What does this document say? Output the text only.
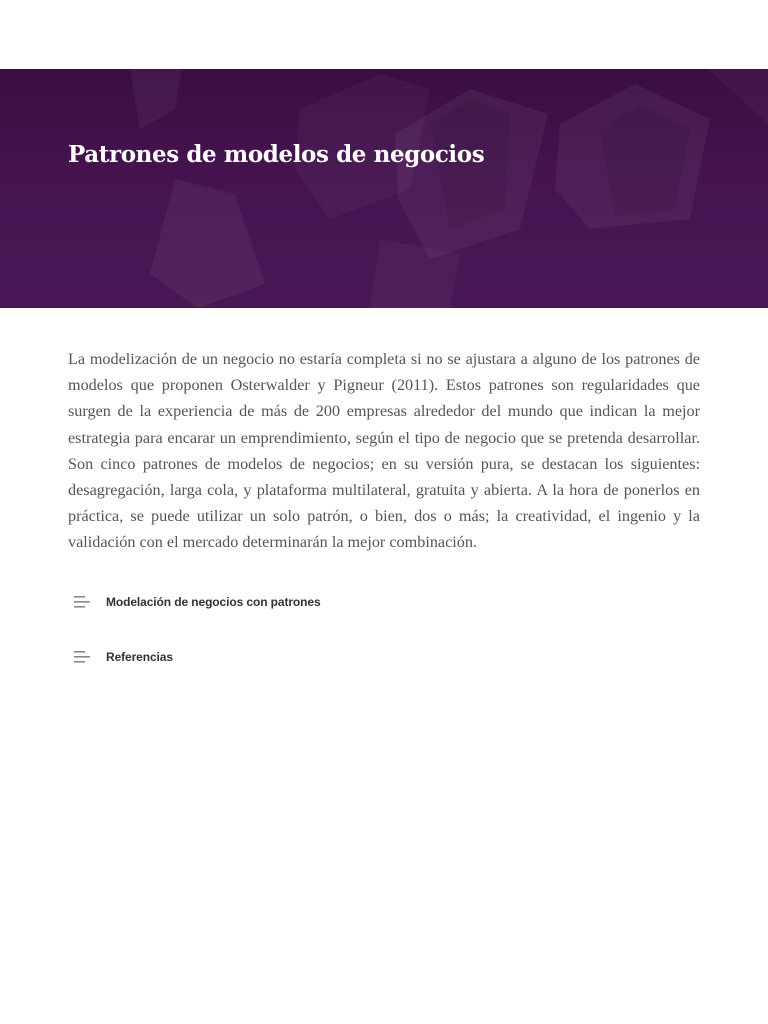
Patrones de modelos de negocios

La modelización de un negocio no estaría completa si no se ajustara a alguno de los patrones de modelos que proponen Osterwalder y Pigneur (2011). Estos patrones son regularidades que surgen de la experiencia de más de 200 empresas alrededor del mundo que indican la mejor estrategia para encarar un emprendimiento, según el tipo de negocio que se pretenda desarrollar. Son cinco patrones de modelos de negocios; en su versión pura, se destacan los siguientes: desagregación, larga cola, y plataforma multilateral, gratuita y abierta. A la hora de ponerlos en práctica, se puede utilizar un solo patrón, o bien, dos o más; la creatividad, el ingenio y la validación con el mercado determinarán la mejor combinación.

Modelación de negocios con patrones
Referencias
